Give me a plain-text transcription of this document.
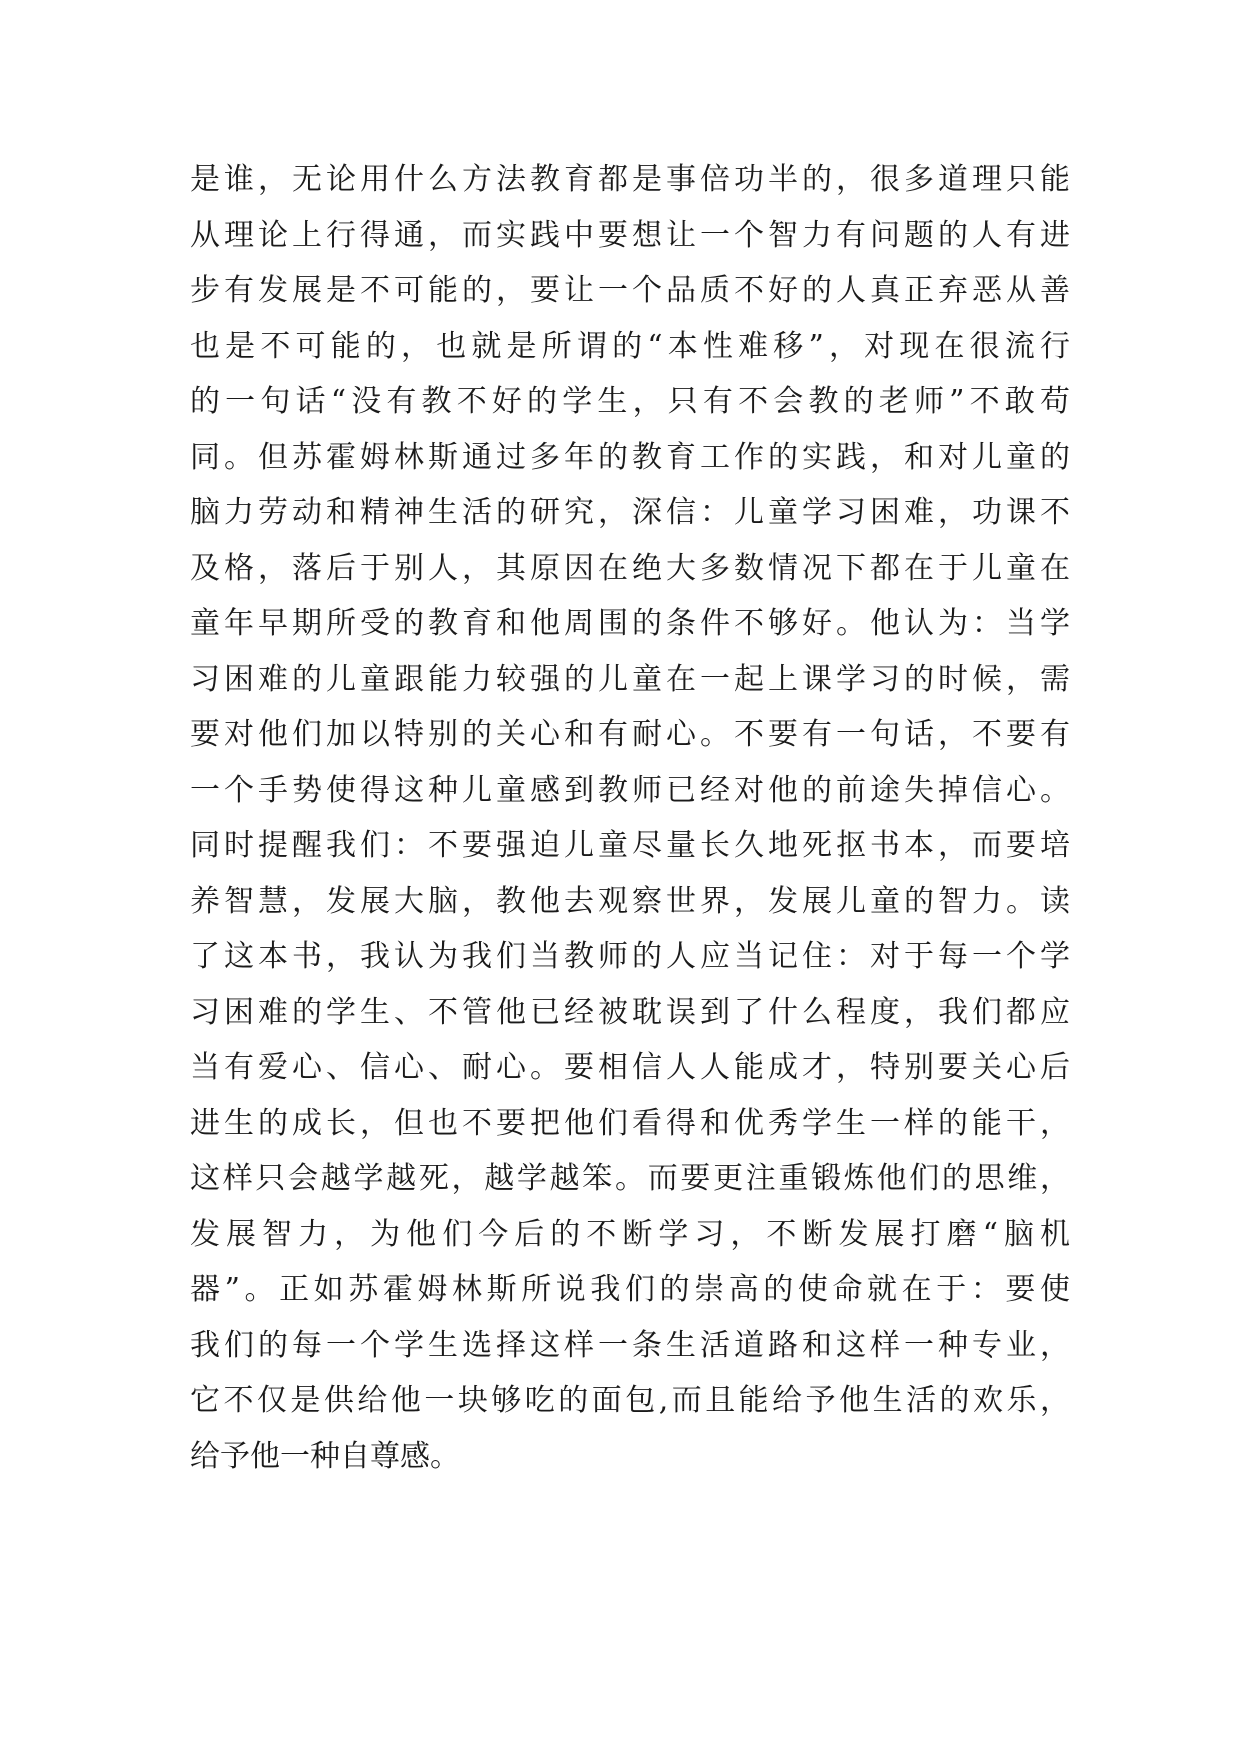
是谁，无论用什么方法教育都是事倍功半的，很多道理只能
从理论上行得通，而实践中要想让一个智力有问题的人有进
步有发展是不可能的，要让一个品质不好的人真正弃恶从善
也是不可能的，也就是所谓的“本性难移”，对现在很流行
的一句话“没有教不好的学生，只有不会教的老师”不敢苟
同。但苏霍姆林斯通过多年的教育工作的实践，和对儿童的
脑力劳动和精神生活的研究，深信：儿童学习困难，功课不
及格，落后于别人，其原因在绝大多数情况下都在于儿童在
童年早期所受的教育和他周围的条件不够好。他认为：当学
习困难的儿童跟能力较强的儿童在一起上课学习的时候，需
要对他们加以特别的关心和有耐心。不要有一句话，不要有
一个手势使得这种儿童感到教师已经对他的前途失掉信心。
同时提醒我们：不要强迫儿童尽量长久地死抠书本，而要培
养智慧，发展大脑，教他去观察世界，发展儿童的智力。读
了这本书，我认为我们当教师的人应当记住：对于每一个学
习困难的学生、不管他已经被耽误到了什么程度，我们都应
当有爱心、信心、耐心。要相信人人能成才，特别要关心后
进生的成长，但也不要把他们看得和优秀学生一样的能干，
这样只会越学越死，越学越笨。而要更注重锻炼他们的思维，
发展智力，为他们今后的不断学习，不断发展打磨“脑机
器”。正如苏霍姆林斯所说我们的崇高的使命就在于：要使
我们的每一个学生选择这样一条生活道路和这样一种专业，
它不仅是供给他一块够吃的面包,而且能给予他生活的欢乐，
给予他一种自尊感。
